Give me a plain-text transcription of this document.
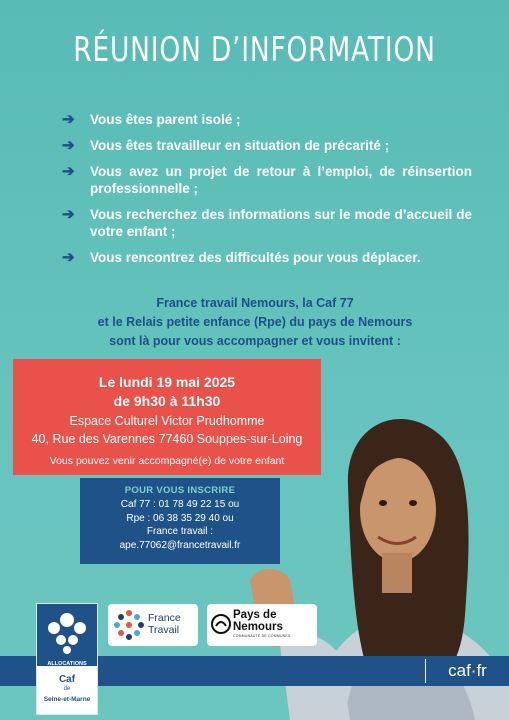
RÉUNION D’INFORMATION
➔	Vous êtes parent isolé ;
➔	Vous êtes travailleur en situation de précarité ;
➔	Vous avez un projet de retour à l’emploi, de réinsertion professionnelle ;
➔	Vous recherchez des informations sur le mode d’accueil de votre enfant ;
➔	Vous rencontrez des difficultés pour vous déplacer.
France travail Nemours, la Caf 77
et le Relais petite enfance (Rpe) du pays de Nemours
sont là pour vous accompagner et vous invitent :
Le lundi 19 mai 2025
de 9h30 à 11h30
Espace Culturel Victor Prudhomme
40, Rue des Varennes 77460 Souppes-sur-Loing
Vous pouvez venir accompagné(e) de votre enfant
POUR VOUS INSCRIRE
Caf 77 : 01 78 49 22 15 ou
Rpe : 06 38 35 29 40 ou
France travail :
ape.77062@francetravail.fr
caf·fr
ALLOCATIONS FAMILIALES
Caf
de
Seine-et-Marne
France
Travail
Pays de
Nemours
COMMUNAUTÉ DE COMMUNES
